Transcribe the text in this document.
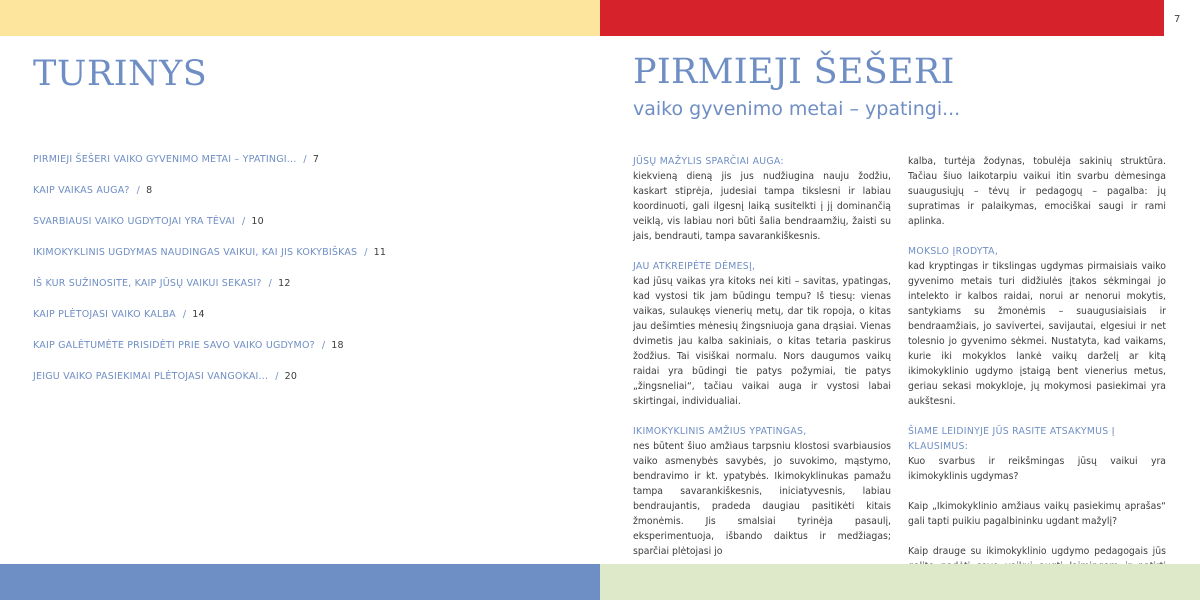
7
TURINYS
PIRMIEJI ŠEŠERI VAIKO GYVENIMO METAI – YPATINGI... / 7
KAIP VAIKAS AUGA? / 8
SVARBIAUSI VAIKO UGDYTOJAI YRA TĖVAI / 10
IKIMOKYKLINIS UGDYMAS NAUDINGAS VAIKUI, KAI JIS KOKYBIŠKAS / 11
IŠ KUR SUŽINOSITE, KAIP JŪSŲ VAIKUI SEKASI? / 12
KAIP PLĖTOJASI VAIKO KALBA / 14
KAIP GALĖTUMĖTE PRISIDĖTI PRIE SAVO VAIKO UGDYMO? / 18
JEIGU VAIKO PASIEKIMAI PLĖTOJASI VANGOKAI... / 20
PIRMIEJI ŠEŠERI
vaiko gyvenimo metai – ypatingi...
JŪSŲ MAŽYLIS SPARČIAI AUGA:

kiekvieną dieną jis jus nudžiugina nauju žodžiu, kaskart stiprėja, judesiai tampa tikslesni ir labiau koordinuoti, gali ilgesnį laiką susitelkti į jį dominančią veiklą, vis labiau nori būti šalia bendraamžių, žaisti su jais, bendrauti, tampa savarankiškesnis.

JAU ATKREIPĖTE DĖMESĮ,

kad jūsų vaikas yra kitoks nei kiti – savitas, ypatingas, kad vystosi tik jam būdingu tempu? Iš tiesų: vienas vaikas, sulaukęs vienerių metų, dar tik ropoja, o kitas jau dešimties mėnesių žingsniuoja gana drąsiai. Vienas dvimetis jau kalba sakiniais, o kitas tetaria paskirus žodžius. Tai visiškai normalu. Nors daugumos vaikų raidai yra būdingi tie patys požymiai, tie patys „žingsneliai“, tačiau vaikai auga ir vystosi labai skirtingai, individualiai.

IKIMOKYKLINIS AMŽIUS YPATINGAS,

nes būtent šiuo amžiaus tarpsniu klostosi svarbiausios vaiko asmenybės savybės, jo suvokimo, mąstymo, bendravimo ir kt. ypatybės. Ikimokyklinukas pamažu tampa savarankiškesnis, iniciatyvesnis, labiau bendraujantis, pradeda daugiau pasitikėti kitais žmonėmis. Jis smalsiai tyrinėja pasaulį, eksperimentuoja, išbando daiktus ir medžiagas; sparčiai plėtojasi jo

kalba, turtėja žodynas, tobulėja sakinių struktūra. Tačiau šiuo laikotarpiu vaikui itin svarbu dėmesinga suaugusiųjų – tėvų ir pedagogų – pagalba: jų supratimas ir palaikymas, emociškai saugi ir rami aplinka.

MOKSLO ĮRODYTA,

kad kryptingas ir tikslingas ugdymas pirmaisiais vaiko gyvenimo metais turi didžiulės įtakos sėkmingai jo intelekto ir kalbos raidai, norui ar nenorui mokytis, santykiams su žmonėmis – suaugusiaisiais ir bendraamžiais, jo savivertei, savijautai, elgesiui ir net tolesnio jo gyvenimo sėkmei. Nustatyta, kad vaikams, kurie iki mokyklos lankė vaikų darželį ar kitą ikimokyklinio ugdymo įstaigą bent vienerius metus, geriau sekasi mokykloje, jų mokymosi pasiekimai yra aukštesni.

ŠIAME LEIDINYJE JŪS RASITE ATSAKYMUS Į KLAUSIMUS:

Kuo svarbus ir reikšmingas jūsų vaikui yra ikimokyklinis ugdymas?

Kaip „Ikimokyklinio amžiaus vaikų pasiekimų aprašas“ gali tapti puikiu pagalbininku ugdant mažylį?

Kaip drauge su ikimokyklinio ugdymo pedagogais jūs
